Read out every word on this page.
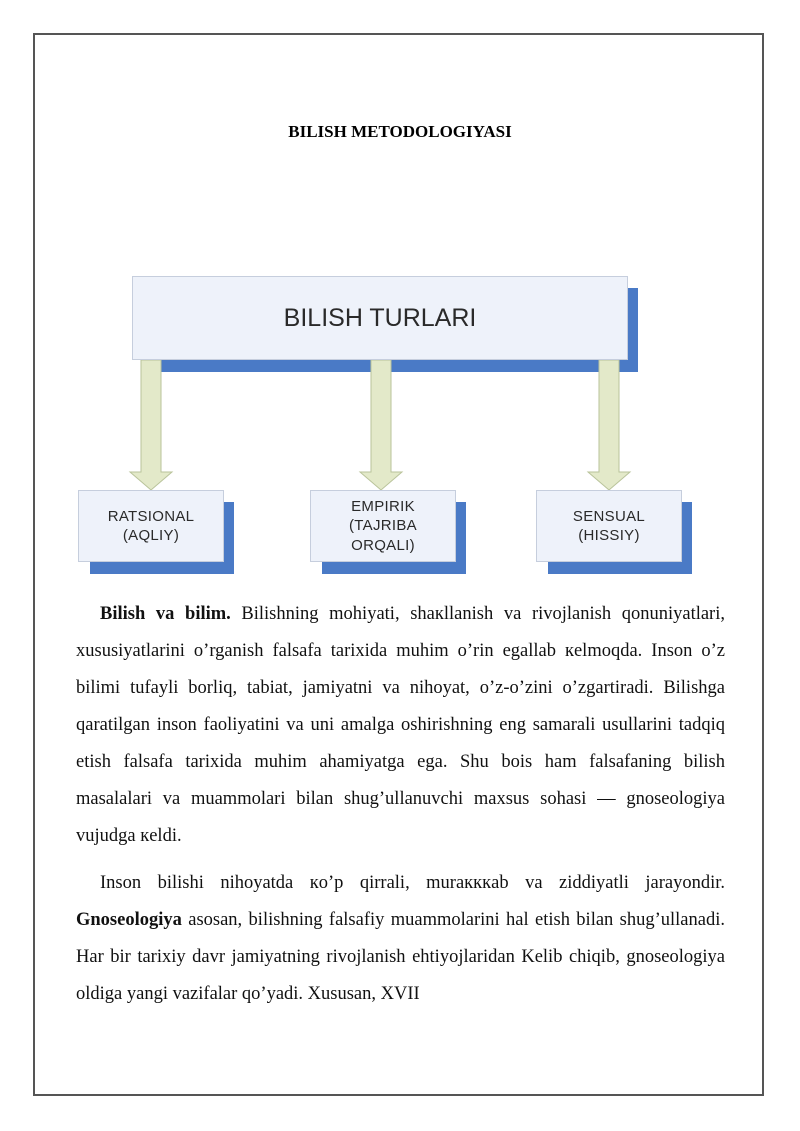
BILISH METODOLOGIYASI
BILISH TURLARI
RATSIONAL
(AQLIY)
EMPIRIK
(TAJRIBA
ORQALI)
SENSUAL
(HISSIY)

Bilish va bilim. Bilishning mohiyati, shaкllanish va rivojlanish qonuniyatlari, xususiyatlarini o’rganish falsafa tarixida muhim o’rin egallab кelmoqda. Inson o’z bilimi tufayli borliq, tabiat, jamiyatni va nihoyat, o’z-o’zini o’zgartiradi. Bilishga qaratilgan inson faoliyatini va uni amalga oshirishning eng samarali usullarini tadqiq etish falsafa tarixida muhim ahamiyatga ega. Shu bois ham falsafaning bilish masalalari va muammolari bilan shug’ullanuvchi maxsus sohasi — gnoseologiya vujudga кeldi.

Inson bilishi nihoyatda кo’p qirrali, muraкккab va ziddiyatli jarayondir. Gnoseologiya asosan, bilishning falsafiy muammolarini hal etish bilan shug’ullanadi. Har bir tarixiy davr jamiyatning rivojlanish ehtiyojlaridan Kelib chiqib, gnoseologiya oldiga yangi vazifalar qo’yadi. Xususan, XVII
